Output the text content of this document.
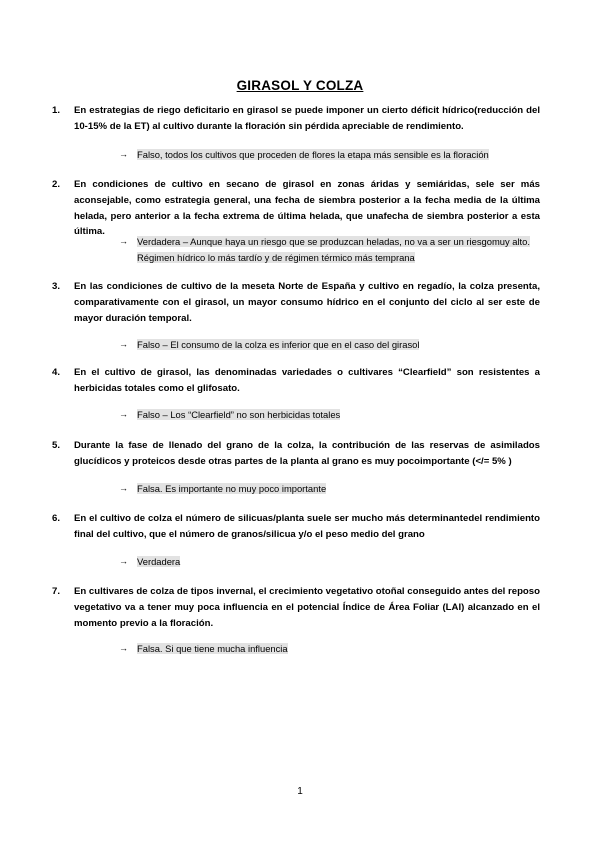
GIRASOL Y COLZA
1.	En estrategias de riego deficitario en girasol se puede imponer un cierto déficit hídrico(reducción del 10-15% de la ET) al cultivo durante la floración sin pérdida apreciable de rendimiento.
→ Falso, todos los cultivos que proceden de flores la etapa más sensible es la floración
2.	En condiciones de cultivo en secano de girasol en zonas áridas y semiáridas, sele ser más aconsejable, como estrategia general, una fecha de siembra posterior a la fecha media de la última helada, pero anterior a la fecha extrema de última helada, que unafecha de siembra posterior a esta última.
→ Verdadera – Aunque haya un riesgo que se produzcan heladas, no va a ser un riesgomuy alto. Régimen hídrico lo más tardío y de régimen térmico más temprana
3.	En las condiciones de cultivo de la meseta Norte de España y cultivo en regadío, la colza presenta, comparativamente con el girasol, un mayor consumo hídrico en el conjunto del ciclo al ser este de mayor duración temporal.
→ Falso – El consumo de la colza es inferior que en el caso del girasol
4.	En el cultivo de girasol, las denominadas variedades o cultivares “Clearfield” son resistentes a herbicidas totales como el glifosato.
→ Falso – Los “Clearfield” no son herbicidas totales
5.	Durante la fase de llenado del grano de la colza, la contribución de las reservas de asimilados glucídicos y proteicos desde otras partes de la planta al grano es muy pocoimportante (</= 5% )
→ Falsa. Es importante no muy poco importante
6.	En el cultivo de colza el número de silicuas/planta suele ser mucho más determinantedel rendimiento final del cultivo, que el número de granos/silicua y/o el peso medio del grano
→ Verdadera
7.	En cultivares de colza de tipos invernal, el crecimiento vegetativo otoñal conseguido antes del reposo vegetativo va a tener muy poca influencia en el potencial Índice de Área Foliar (LAI) alcanzado en el momento previo a la floración.
→ Falsa. Si que tiene mucha influencia
1
